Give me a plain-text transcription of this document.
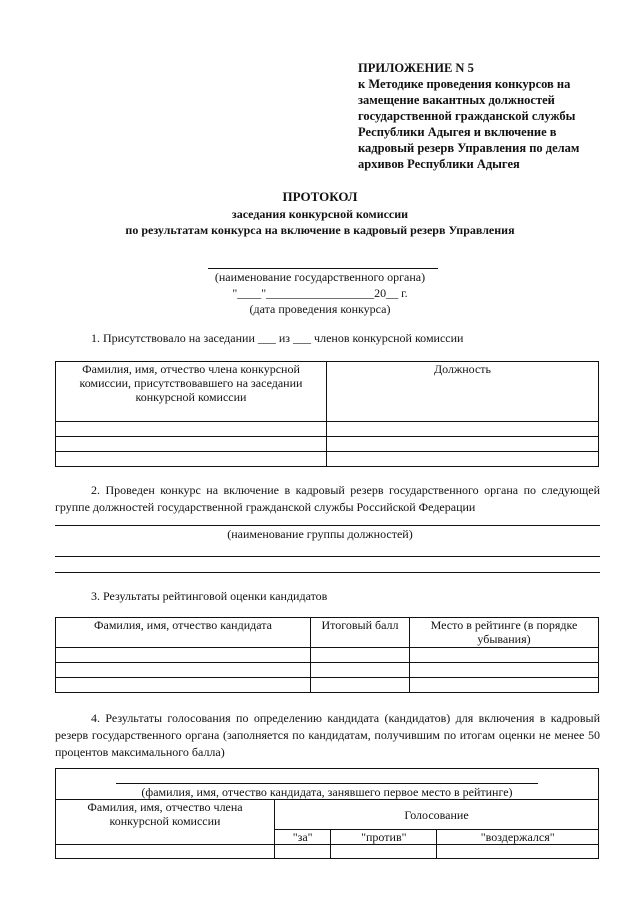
ПРИЛОЖЕНИЕ N 5
к Методике проведения конкурсов на
замещение вакантных должностей
государственной гражданской службы
Республики Адыгея и включение в
кадровый резерв Управления по делам
архивов Республики Адыгея
ПРОТОКОЛ
заседания конкурсной комиссии
по результатам конкурса на включение в кадровый резерв Управления
(наименование государственного органа)
"____"__________________20__ г.
(дата проведения конкурса)
1. Присутствовало на заседании ___ из ___ членов конкурсной комиссии
Фамилия, имя, отчество члена конкурсной комиссии, присутствовавшего на заседании конкурсной комиссии	Должность

2. Проведен конкурс на включение в кадровый резерв государственного органа по следующей группе должностей государственной гражданской службы Российской Федерации
(наименование группы должностей)
3. Результаты рейтинговой оценки кандидатов
Фамилия, имя, отчество кандидата	Итоговый балл	Место в рейтинге (в порядке убывания)

4. Результаты голосования по определению кандидата (кандидатов) для включения в кадровый резерв государственного органа (заполняется по кандидатам, получившим по итогам оценки не менее 50 процентов максимального балла)
(фамилия, имя, отчество кандидата, занявшего первое место в рейтинге)			
Фамилия, имя, отчество члена конкурсной комиссии	Голосование		
	"за"	"против"	"воздержался"
